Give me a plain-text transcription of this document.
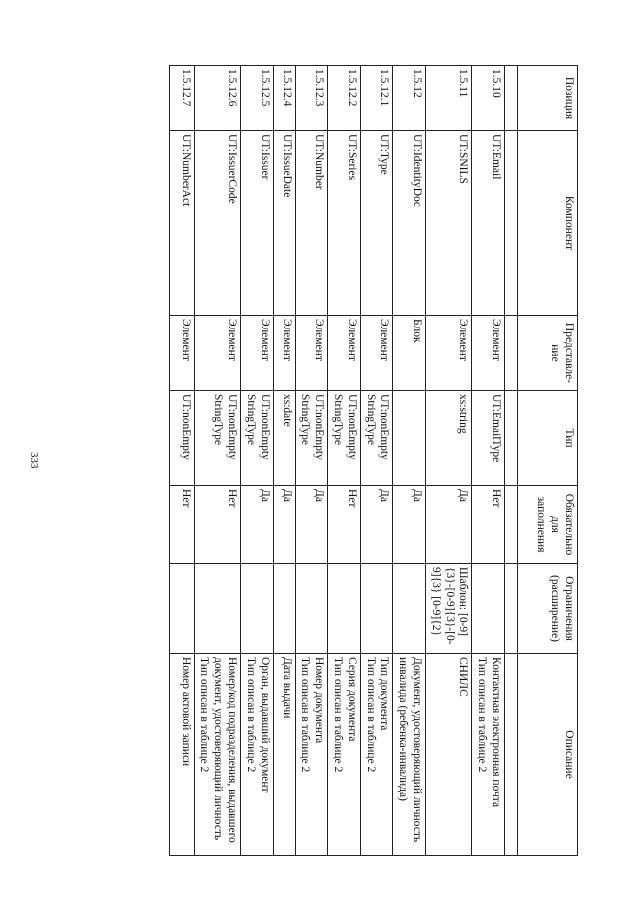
333
Позиция	Компонент	Представле-ние	Тип	Обязательно для заполнения	Ограничения (расширение)	Описание

1.5.10	UT:Email	Элемент	UT:EmailType	Нет		Контактная электронная почта
Тип описан в таблице 2
1.5.11	UT:SNILS	Элемент	xs:string	Да	Шаблон: [0-9]{3}-[0-9]{3}-[0-9]{3} [0-9]{2}	СНИЛС
1.5.12	UT:IdentityDoc	Блок		Да		Документ, удостоверяющий личность инвалида (ребенка-инвалида)
1.5.12.1	UT:Type	Элемент	UT:nonEmpty StringType	Да		Тип документа
Тип описан в таблице 2
1.5.12.2	UT:Series	Элемент	UT:nonEmpty StringType	Нет		Серия документа
Тип описан в таблице 2
1.5.12.3	UT:Number	Элемент	UT:nonEmpty StringType	Да		Номер документа
Тип описан в таблице 2
1.5.12.4	UT:IssueDate	Элемент	xs:date	Да		Дата выдачи
1.5.12.5	UT:Issuer	Элемент	UT:nonEmpty StringType	Да		Орган, выдавший документ
Тип описан в таблице 2
1.5.12.6	UT:IssuerCode	Элемент	UT:nonEmpty StringType	Нет		Номер/код подразделения, выдавшего документ, удостоверяющий личность
Тип описан в таблице 2
1.5.12.7	UT:NumberAct	Элемент	UT:nonEmpty	Нет		Номер актовой записи
